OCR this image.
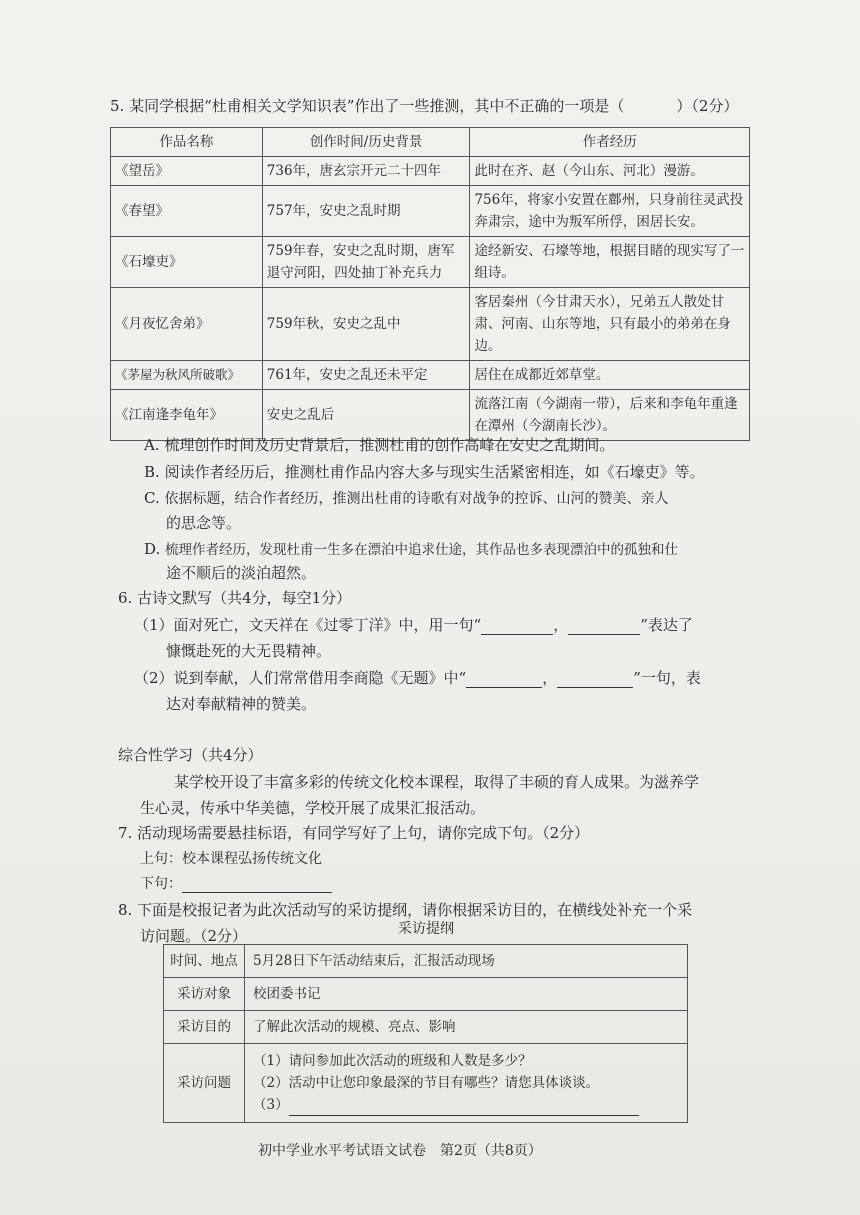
5. 某同学根据“杜甫相关文学知识表”作出了一些推测，其中不正确的一项是（	）（2分）
作品名称	创作时间/历史背景	作者经历
《望岳》	736年，唐玄宗开元二十四年	此时在齐、赵（今山东、河北）漫游。
《春望》	757年，安史之乱时期	756年，将家小安置在鄜州，只身前往灵武投奔肃宗，途中为叛军所俘，困居长安。
《石壕吏》	759年春，安史之乱时期，唐军退守河阳，四处抽丁补充兵力	途经新安、石壕等地，根据目睹的现实写了一组诗。
《月夜忆舍弟》	759年秋，安史之乱中	客居秦州（今甘肃天水），兄弟五人散处甘肃、河南、山东等地，只有最小的弟弟在身边。
《茅屋为秋风所破歌》	761年，安史之乱还未平定	居住在成都近郊草堂。
《江南逢李龟年》	安史之乱后	流落江南（今湖南一带），后来和李龟年重逢在潭州（今湖南长沙）。
A. 梳理创作时间及历史背景后，推测杜甫的创作高峰在安史之乱期间。
B. 阅读作者经历后，推测杜甫作品内容大多与现实生活紧密相连，如《石壕吏》等。
C. 依据标题，结合作者经历，推测出杜甫的诗歌有对战争的控诉、山河的赞美、亲人
的思念等。
D. 梳理作者经历，发现杜甫一生多在漂泊中追求仕途，其作品也多表现漂泊中的孤独和仕
途不顺后的淡泊超然。
6. 古诗文默写（共4分，每空1分）
（1）面对死亡，文天祥在《过零丁洋》中，用一句“	，	”表达了
慷慨赴死的大无畏精神。
（2）说到奉献，人们常常借用李商隐《无题》中“	，	”一句，表
达对奉献精神的赞美。
综合性学习（共4分）
某学校开设了丰富多彩的传统文化校本课程，取得了丰硕的育人成果。为滋养学
生心灵，传承中华美德，学校开展了成果汇报活动。
7. 活动现场需要悬挂标语，有同学写好了上句，请你完成下句。（2分）
上句：校本课程弘扬传统文化
下句：
8. 下面是校报记者为此次活动写的采访提纲，请你根据采访目的，在横线处补充一个采
访问题。（2分）	采访提纲
时间、地点	5月28日下午活动结束后，汇报活动现场
采访对象	校团委书记
采访目的	了解此次活动的规模、亮点、影响
采访问题	（1）请问参加此次活动的班级和人数是多少？
（2）活动中让您印象最深的节目有哪些？请您具体谈谈。
（3）
初中学业水平考试语文试卷　第2页（共8页）
